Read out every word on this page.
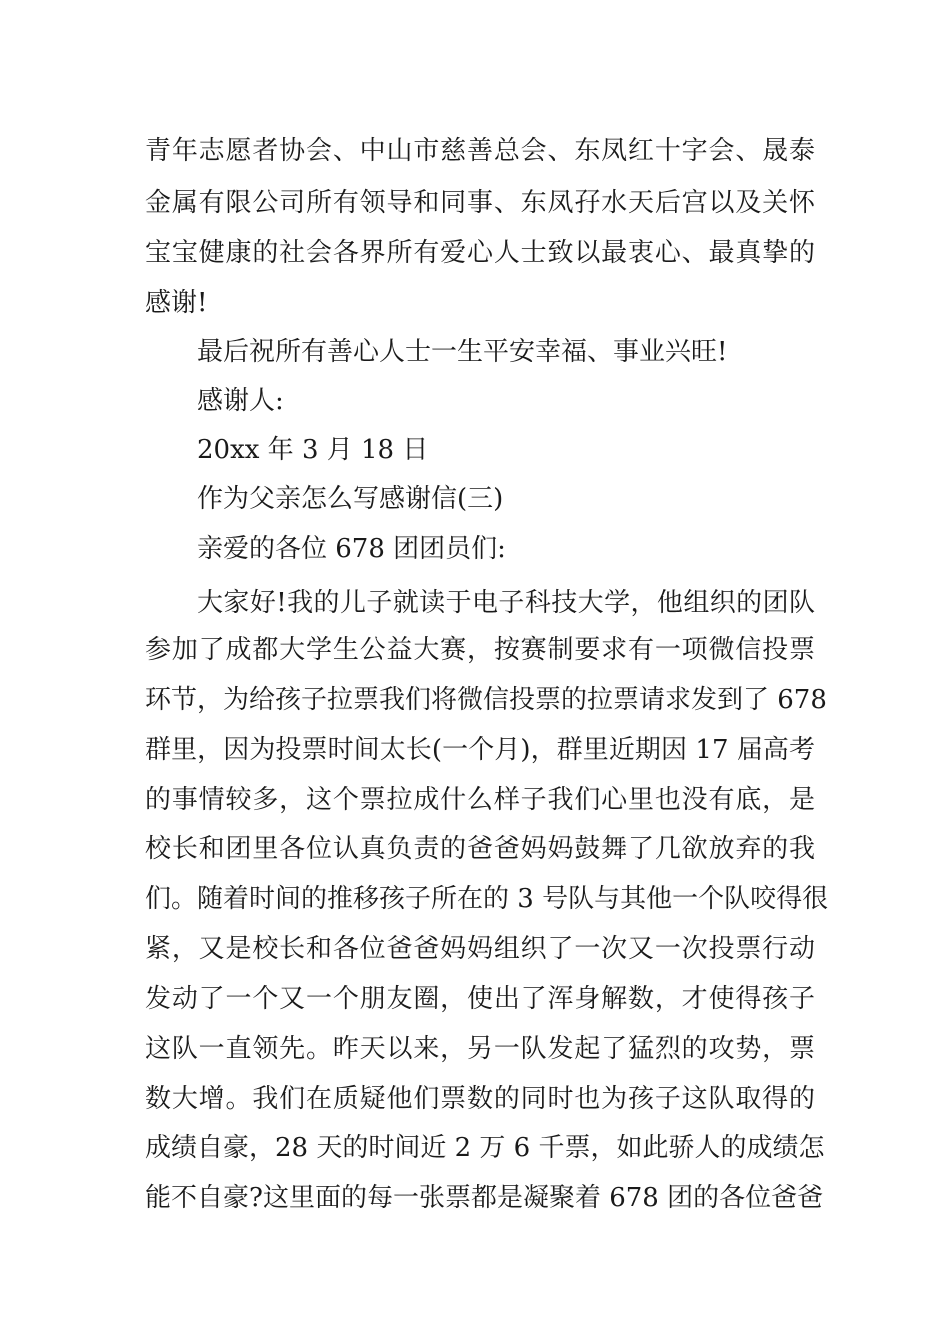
青年志愿者协会、中山市慈善总会、东凤红十字会、晟泰
金属有限公司所有领导和同事、东凤孖水天后宫以及关怀
宝宝健康的社会各界所有爱心人士致以最衷心、最真挚的
感谢!
最后祝所有善心人士一生平安幸福、事业兴旺!
感谢人:
20xx 年 3 月 18 日
作为父亲怎么写感谢信(三)
亲爱的各位 678 团团员们:
大家好!我的儿子就读于电子科技大学，他组织的团队
参加了成都大学生公益大赛，按赛制要求有一项微信投票
环节，为给孩子拉票我们将微信投票的拉票请求发到了 678
群里，因为投票时间太长(一个月)，群里近期因 17 届高考
的事情较多，这个票拉成什么样子我们心里也没有底，是
校长和团里各位认真负责的爸爸妈妈鼓舞了几欲放弃的我
们。随着时间的推移孩子所在的 3 号队与其他一个队咬得很
紧，又是校长和各位爸爸妈妈组织了一次又一次投票行动
发动了一个又一个朋友圈，使出了浑身解数，才使得孩子
这队一直领先。昨天以来，另一队发起了猛烈的攻势，票
数大增。我们在质疑他们票数的同时也为孩子这队取得的
成绩自豪，28 天的时间近 2 万 6 千票，如此骄人的成绩怎
能不自豪?这里面的每一张票都是凝聚着 678 团的各位爸爸
